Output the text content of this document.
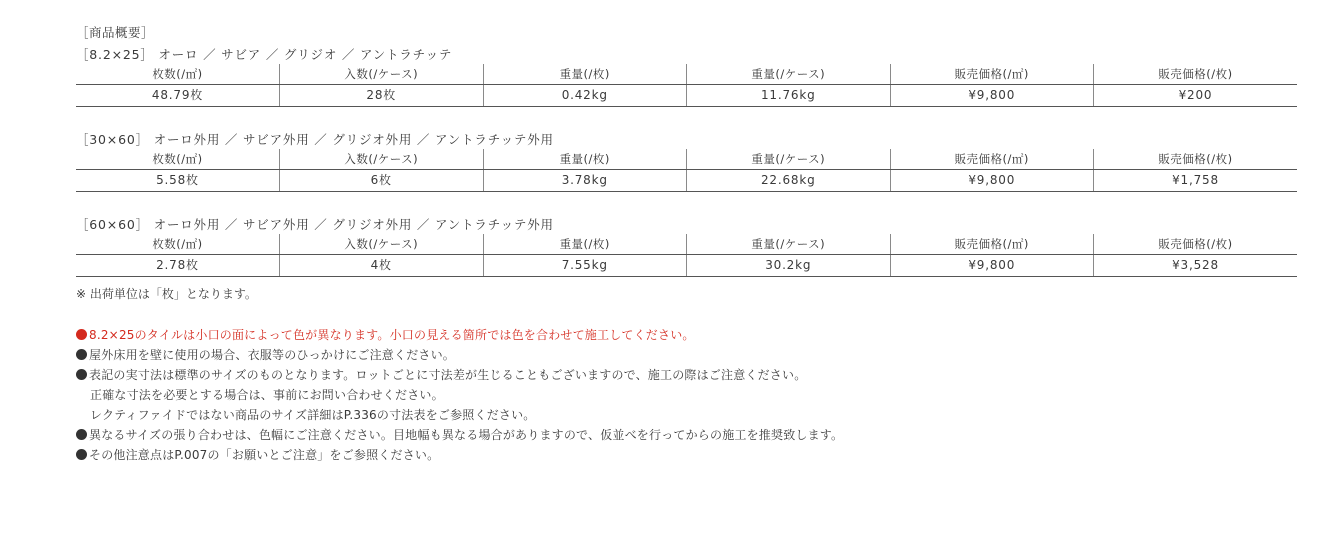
［商品概要］
［8.2×25］ オーロ ／ サビア ／ グリジオ ／ アントラチッテ
枚数(/㎡)	入数(/ケース)	重量(/枚)	重量(/ケース)	販売価格(/㎡)	販売価格(/枚)
48.79枚	28枚	0.42kg	11.76kg	¥9,800	¥200
［30×60］ オーロ外用 ／ サビア外用 ／ グリジオ外用 ／ アントラチッテ外用
枚数(/㎡)	入数(/ケース)	重量(/枚)	重量(/ケース)	販売価格(/㎡)	販売価格(/枚)
5.58枚	6枚	3.78kg	22.68kg	¥9,800	¥1,758
［60×60］ オーロ外用 ／ サビア外用 ／ グリジオ外用 ／ アントラチッテ外用
枚数(/㎡)	入数(/ケース)	重量(/枚)	重量(/ケース)	販売価格(/㎡)	販売価格(/枚)
2.78枚	4枚	7.55kg	30.2kg	¥9,800	¥3,528
※ 出荷単位は「枚」となります。
8.2×25のタイルは小口の面によって色が異なります。小口の見える箇所では色を合わせて施工してください。
屋外床用を壁に使用の場合、衣服等のひっかけにご注意ください。
表記の実寸法は標準のサイズのものとなります。ロットごとに寸法差が生じることもございますので、施工の際はご注意ください。
正確な寸法を必要とする場合は、事前にお問い合わせください。
レクティファイドではない商品のサイズ詳細はP.336の寸法表をご参照ください。
異なるサイズの張り合わせは、色幅にご注意ください。目地幅も異なる場合がありますので、仮並べを行ってからの施工を推奨致します。
その他注意点はP.007の「お願いとご注意」をご参照ください。
